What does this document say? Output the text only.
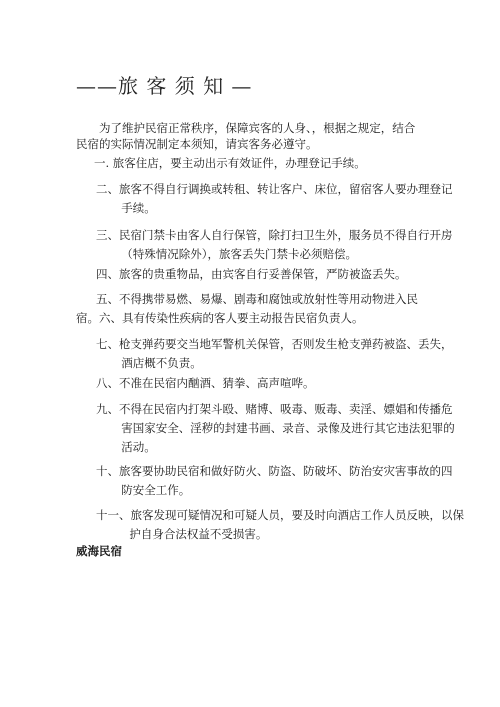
——旅 客 须 知 —
为了维护民宿正常秩序，保障宾客的人身、，根据之规定，结合民宿的实际情况制定本须知，请宾客务必遵守。
一. 旅客住店，要主动出示有效证件，办理登记手续。
二、旅客不得自行调换或转租、转让客户、床位，留宿客人要办理登记手续。
三、民宿门禁卡由客人自行保管，除打扫卫生外，服务员不得自行开房（特殊情况除外），旅客丢失门禁卡必须赔偿。
四、旅客的贵重物品，由宾客自行妥善保管，严防被盗丢失。
五、不得携带易燃、易爆、剧毒和腐蚀或放射性等用动物进入民宿。六、具有传染性疾病的客人要主动报告民宿负责人。
七、枪支弹药要交当地军警机关保管，否则发生枪支弹药被盗、丢失，酒店概不负责。
八、不准在民宿内酗酒、猜拳、高声喧哗。
九、不得在民宿内打架斗殴、赌博、吸毒、贩毒、卖淫、嫖娼和传播危害国家安全、淫秽的封建书画、录音、录像及进行其它违法犯罪的活动。
十、旅客要协助民宿和做好防火、防盗、防破坏、防治安灾害事故的四防安全工作。
十一、旅客发现可疑情况和可疑人员，要及时向酒店工作人员反映，以保护自身合法权益不受损害。
威海民宿
